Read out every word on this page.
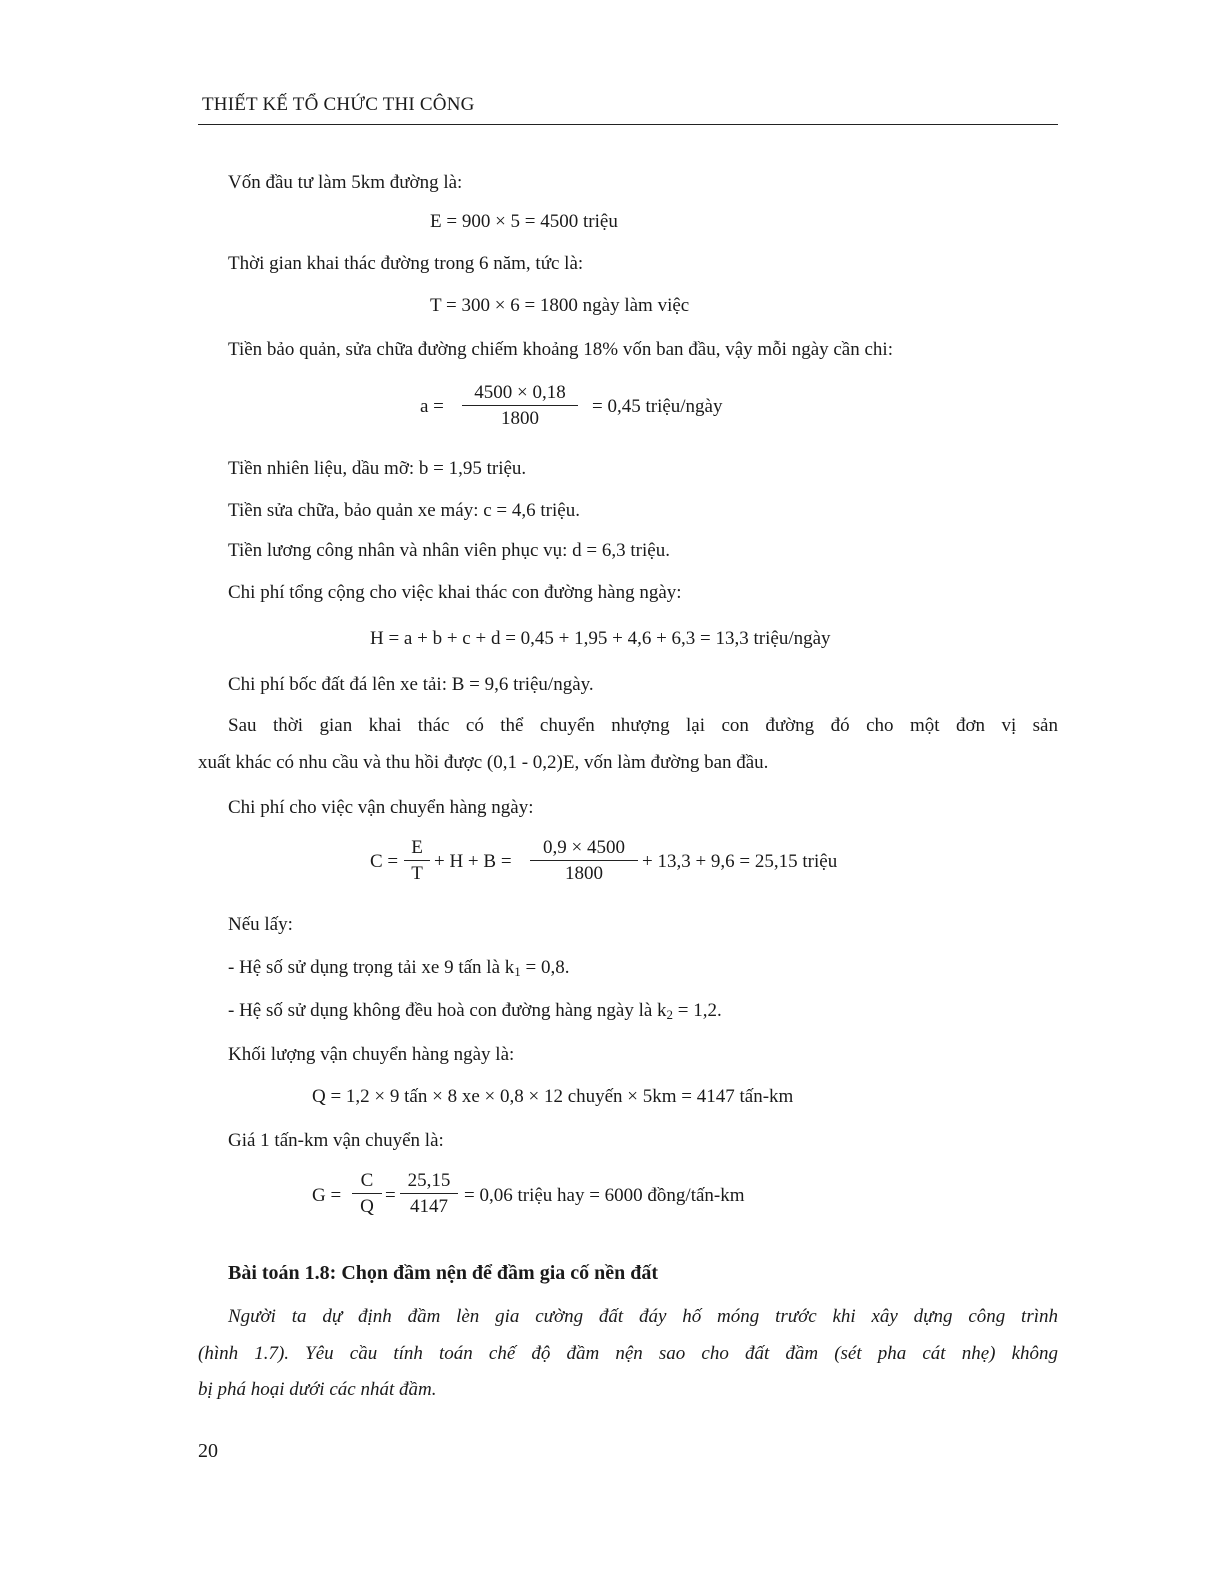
THIẾT KẾ TỔ CHỨC THI CÔNG
Vốn đầu tư làm 5km đường là:
E = 900 × 5 = 4500 triệu
Thời gian khai thác đường trong 6 năm, tức là:
T = 300 × 6 = 1800 ngày làm việc
Tiền bảo quản, sửa chữa đường chiếm khoảng 18% vốn ban đầu, vậy mỗi ngày cần chi:
$a = \frac{4500 \times 0,18}{1800} = 0,45$ triệu/ngày
Tiền nhiên liệu, dầu mỡ: b = 1,95 triệu.
Tiền sửa chữa, bảo quản xe máy: c = 4,6 triệu.
Tiền lương công nhân và nhân viên phục vụ: d = 6,3 triệu.
Chi phí tổng cộng cho việc khai thác con đường hàng ngày:
H = a + b + c + d = 0,45 + 1,95 + 4,6 + 6,3 = 13,3 triệu/ngày
Chi phí bốc đất đá lên xe tải: B = 9,6 triệu/ngày.
Sau thời gian khai thác có thể chuyển nhượng lại con đường đó cho một đơn vị sản
xuất khác có nhu cầu và thu hồi được (0,1 - 0,2)E, vốn làm đường ban đầu.
Chi phí cho việc vận chuyển hàng ngày:
$C = \frac{E}{T} + H + B = \frac{0,9 \times 4500}{1800} + 13,3 + 9,6 = 25,15$ triệu
Nếu lấy:
- Hệ số sử dụng trọng tải xe 9 tấn là $k_1 = 0,8$.
- Hệ số sử dụng không đều hoà con đường hàng ngày là $k_2 = 1,2$.
Khối lượng vận chuyển hàng ngày là:
Q = 1,2 × 9 tấn × 8 xe × 0,8 × 12 chuyến × 5km = 4147 tấn-km
Giá 1 tấn-km vận chuyển là:
$G = \frac{C}{Q} = \frac{25,15}{4147} = 0,06$ triệu hay = 6000 đồng/tấn-km
Bài toán 1.8: Chọn đầm nện để đầm gia cố nền đất
Người ta dự định đầm lèn gia cường đất đáy hố móng trước khi xây dựng công trình
(hình 1.7). Yêu cầu tính toán chế độ đầm nện sao cho đất đầm (sét pha cát nhẹ) không
bị phá hoại dưới các nhát đầm.
20
